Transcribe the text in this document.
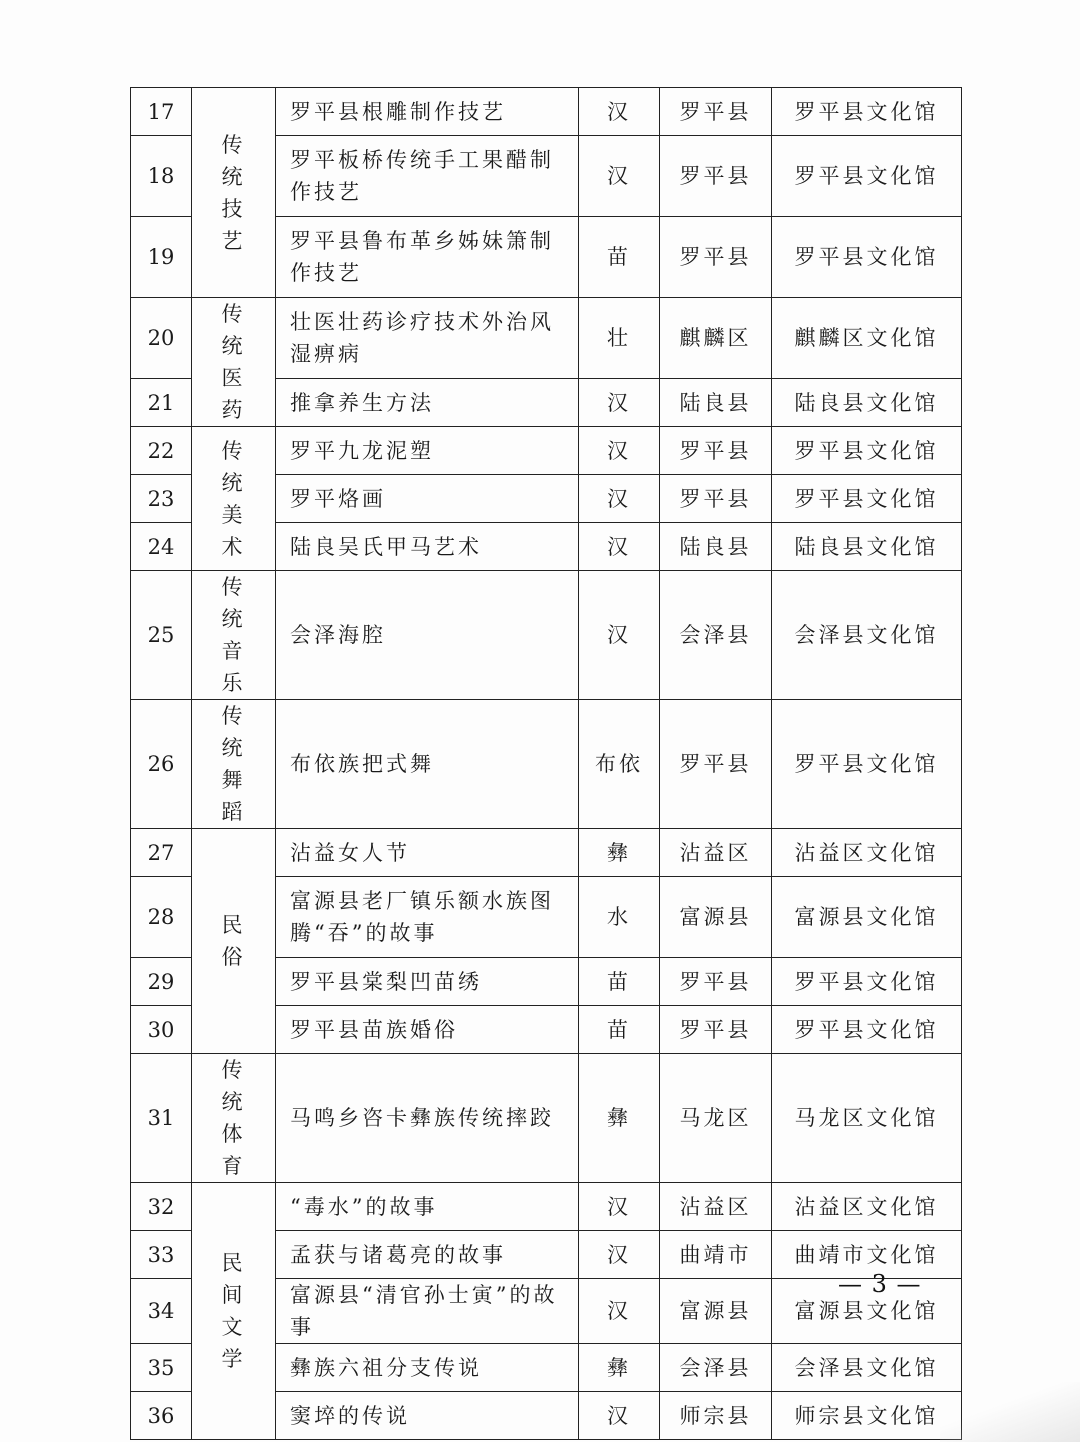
17	传统技艺	罗平县根雕制作技艺	汉	罗平县	罗平县文化馆
18		罗平板桥传统手工果醋制作技艺	汉	罗平县	罗平县文化馆
19		罗平县鲁布革乡姊妹箫制作技艺	苗	罗平县	罗平县文化馆
20	传统医药	壮医壮药诊疗技术外治风湿痹病	壮	麒麟区	麒麟区文化馆
21		推拿养生方法	汉	陆良县	陆良县文化馆
22	传统美术	罗平九龙泥塑	汉	罗平县	罗平县文化馆
23		罗平烙画	汉	罗平县	罗平县文化馆
24		陆良吴氏甲马艺术	汉	陆良县	陆良县文化馆
25	传统音乐	会泽海腔	汉	会泽县	会泽县文化馆
26	传统舞蹈	布依族把式舞	布依	罗平县	罗平县文化馆
27	民俗	沾益女人节	彝	沾益区	沾益区文化馆
28		富源县老厂镇乐额水族图腾“吞”的故事	水	富源县	富源县文化馆
29		罗平县棠梨凹苗绣	苗	罗平县	罗平县文化馆
30		罗平县苗族婚俗	苗	罗平县	罗平县文化馆
31	传统体育	马鸣乡咨卡彝族传统摔跤	彝	马龙区	马龙区文化馆
32	民间文学	“毒水”的故事	汉	沾益区	沾益区文化馆
33		孟获与诸葛亮的故事	汉	曲靖市	曲靖市文化馆
34		富源县“清官孙士寅”的故事	汉	富源县	富源县文化馆
35		彝族六祖分支传说	彝	会泽县	会泽县文化馆
36		窦埣的传说	汉	师宗县	师宗县文化馆
— 3 —
